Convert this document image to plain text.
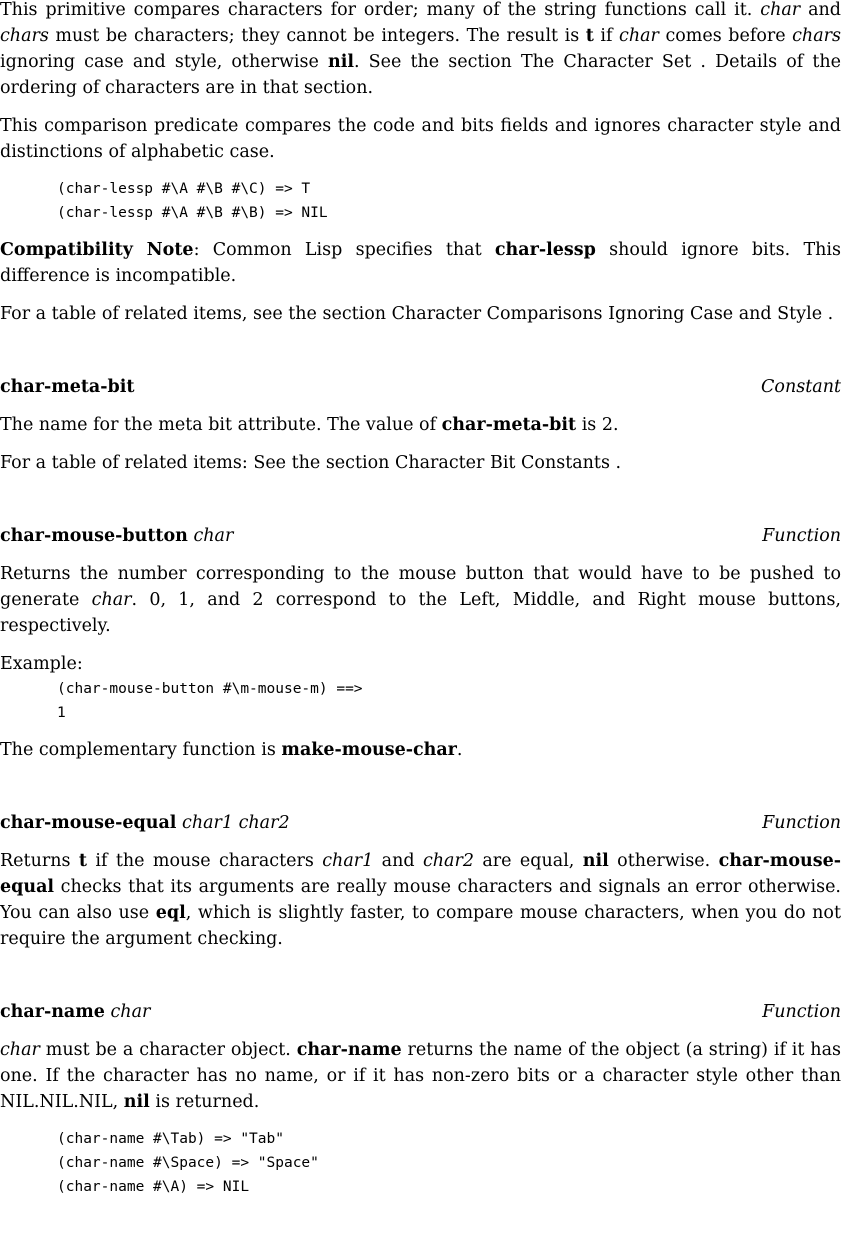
This primitive compares characters for order; many of the string functions call it. char and chars must be characters; they cannot be integers. The result is t if char comes before chars ignoring case and style, otherwise nil. See the section The Character Set . Details of the ordering of characters are in that section.

This comparison predicate compares the code and bits fields and ignores character style and distinctions of alphabetic case.

(char-lessp #\A #\B #\C) => T
(char-lessp #\A #\B #\B) => NIL

Compatibility Note: Common Lisp specifies that char-lessp should ignore bits. This difference is incompatible.

For a table of related items, see the section Character Comparisons Ignoring Case and Style .

char-meta-bit	Constant

The name for the meta bit attribute. The value of char-meta-bit is 2.

For a table of related items: See the section Character Bit Constants .

char-mouse-button char	Function

Returns the number corresponding to the mouse button that would have to be pushed to generate char. 0, 1, and 2 correspond to the Left, Middle, and Right mouse buttons, respectively.

Example:

(char-mouse-button #\m-mouse-m) ==>
1

The complementary function is make-mouse-char.

char-mouse-equal char1 char2	Function

Returns t if the mouse characters char1 and char2 are equal, nil otherwise. char-mouse-equal checks that its arguments are really mouse characters and signals an error otherwise. You can also use eql, which is slightly faster, to compare mouse characters, when you do not require the argument checking.

char-name char	Function

char must be a character object. char-name returns the name of the object (a string) if it has one. If the character has no name, or if it has non-zero bits or a character style other than NIL.NIL.NIL, nil is returned.

(char-name #\Tab) => "Tab"
(char-name #\Space) => "Space"
(char-name #\A) => NIL
